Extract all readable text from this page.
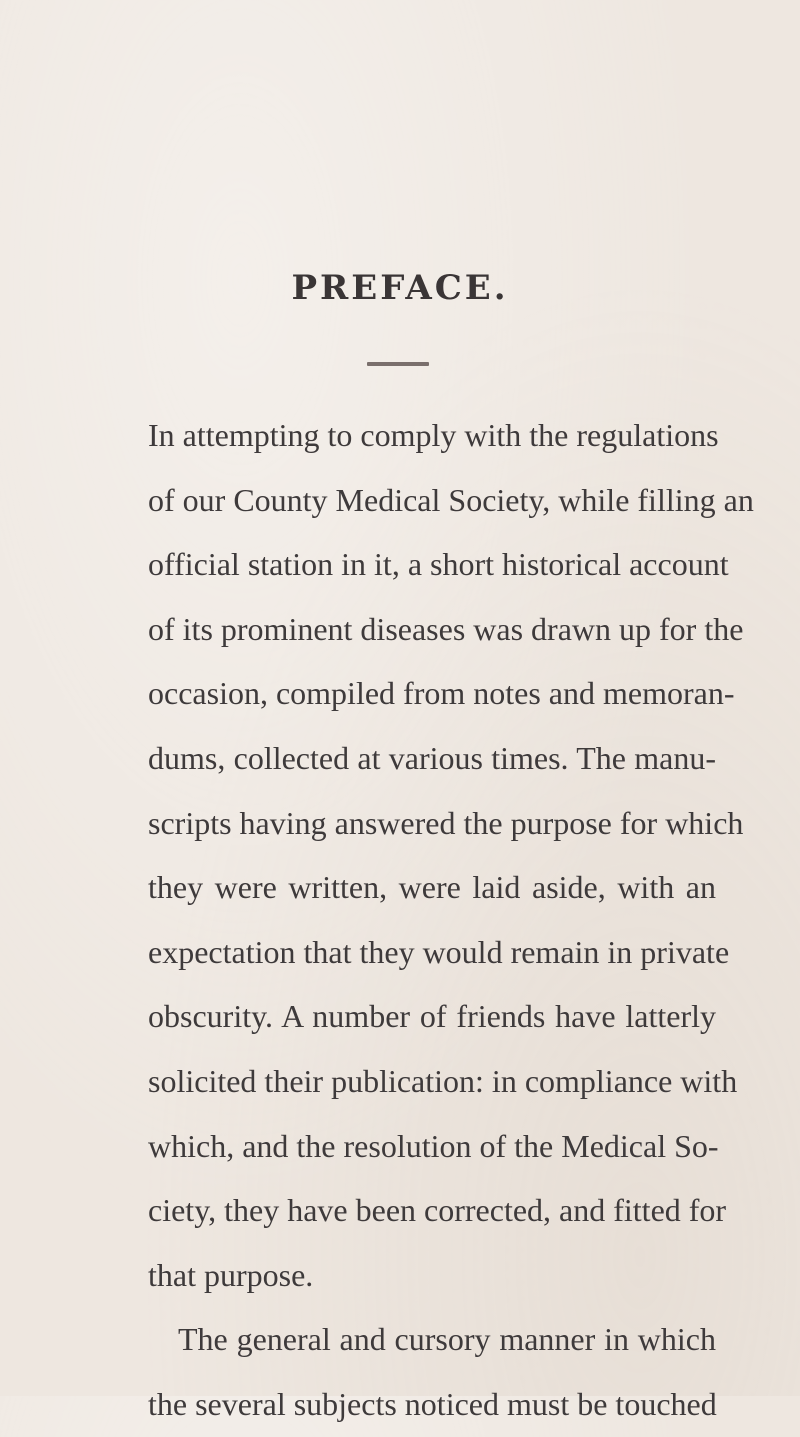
PREFACE.
In attempting to comply with the regulations
of our County Medical Society, while filling an
official station in it, a short historical account
of its prominent diseases was drawn up for the
occasion, compiled from notes and memoran-
dums, collected at various times. The manu-
scripts having answered the purpose for which
they were written, were laid aside, with an
expectation that they would remain in private
obscurity. A number of friends have latterly
solicited their publication: in compliance with
which, and the resolution of the Medical So-
ciety, they have been corrected, and fitted for
that purpose.
The general and cursory manner in which
the several subjects noticed must be touched
